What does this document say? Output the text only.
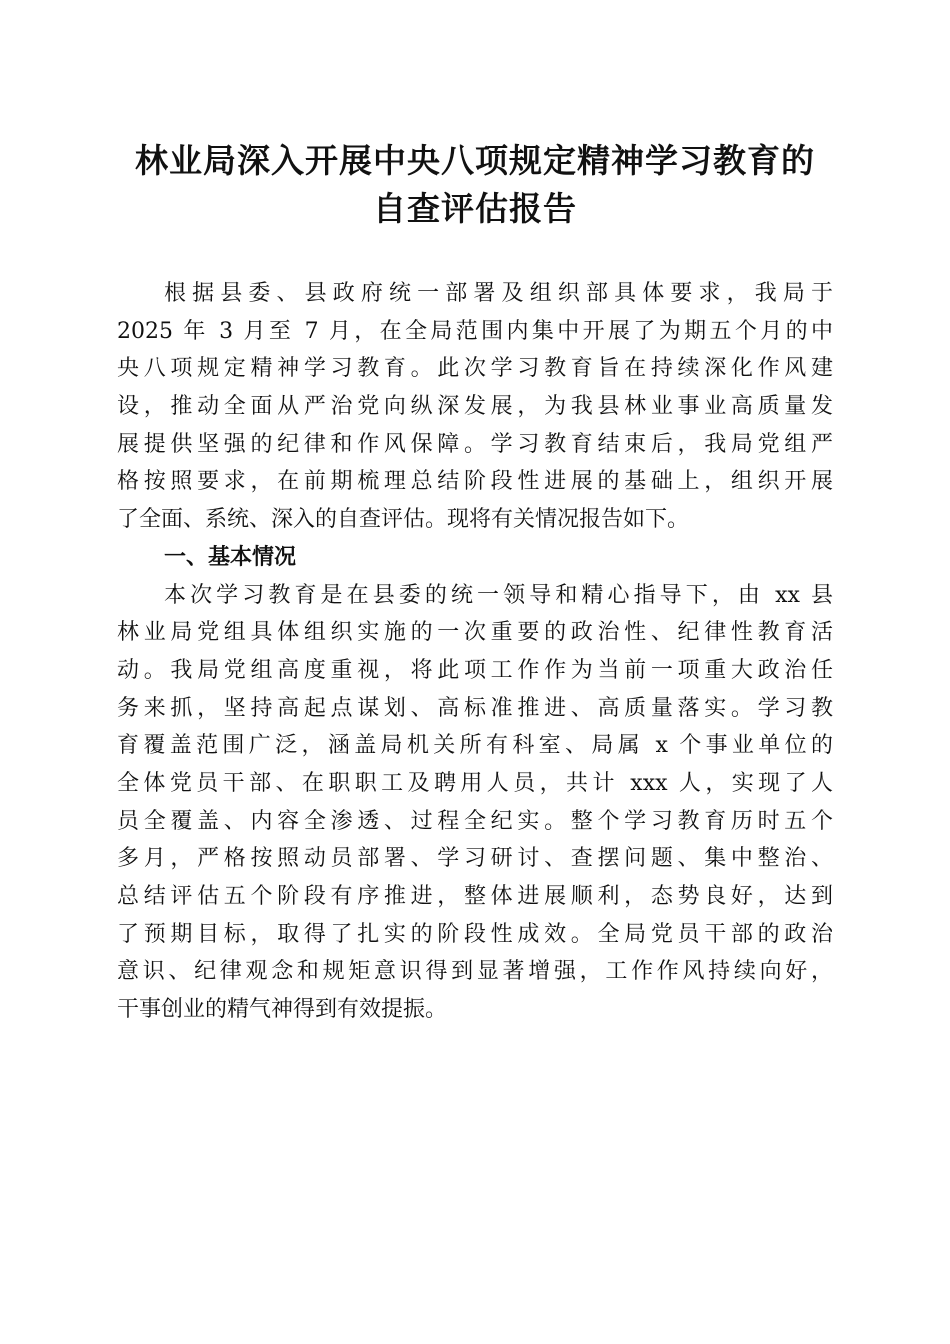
林业局深入开展中央八项规定精神学习教育的
自查评估报告
根据县委、县政府统一部署及组织部具体要求，我局于
2025 年 3 月至 7 月，在全局范围内集中开展了为期五个月的中
央八项规定精神学习教育。此次学习教育旨在持续深化作风建
设，推动全面从严治党向纵深发展，为我县林业事业高质量发
展提供坚强的纪律和作风保障。学习教育结束后，我局党组严
格按照要求，在前期梳理总结阶段性进展的基础上，组织开展
了全面、系统、深入的自查评估。现将有关情况报告如下。
一、基本情况
本次学习教育是在县委的统一领导和精心指导下，由 xx 县
林业局党组具体组织实施的一次重要的政治性、纪律性教育活
动。我局党组高度重视，将此项工作作为当前一项重大政治任
务来抓，坚持高起点谋划、高标准推进、高质量落实。学习教
育覆盖范围广泛，涵盖局机关所有科室、局属 x 个事业单位的
全体党员干部、在职职工及聘用人员，共计 xxx 人，实现了人
员全覆盖、内容全渗透、过程全纪实。整个学习教育历时五个
多月，严格按照动员部署、学习研讨、查摆问题、集中整治、
总结评估五个阶段有序推进，整体进展顺利，态势良好，达到
了预期目标，取得了扎实的阶段性成效。全局党员干部的政治
意识、纪律观念和规矩意识得到显著增强，工作作风持续向好，
干事创业的精气神得到有效提振。
